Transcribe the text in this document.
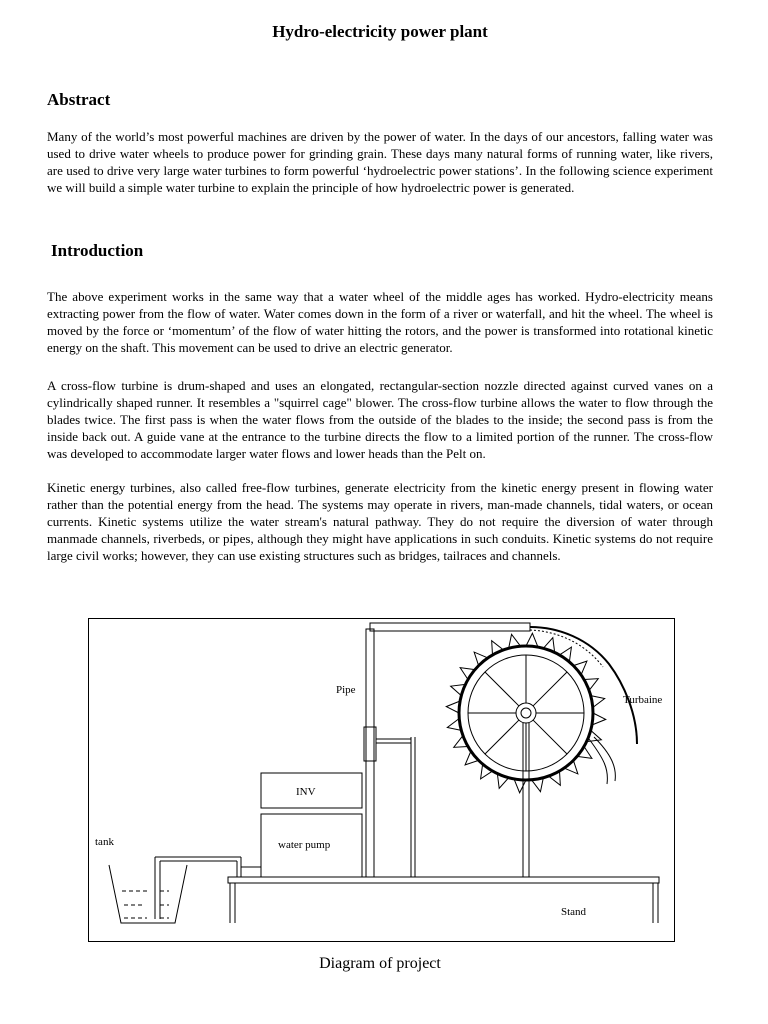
Hydro-electricity power plant
Abstract

Many of the world’s most powerful machines are driven by the power of water. In the days of our ancestors, falling water was used to drive water wheels to produce power for grinding grain. These days many natural forms of running water, like rivers, are used to drive very large water turbines to form powerful ‘hydroelectric power stations’. In the following science experiment we will build a simple water turbine to explain the principle of how hydroelectric power is generated.

Introduction

The above experiment works in the same way that a water wheel of the middle ages has worked. Hydro-electricity means extracting power from the flow of water. Water comes down in the form of a river or waterfall, and hit the wheel. The wheel is moved by the force or ‘momentum’ of the flow of water hitting the rotors, and the power is transformed into rotational kinetic energy on the shaft. This movement can be used to drive an electric generator.

A cross-flow turbine is drum-shaped and uses an elongated, rectangular-section nozzle directed against curved vanes on a cylindrically shaped runner. It resembles a "squirrel cage" blower. The cross-flow turbine allows the water to flow through the blades twice. The first pass is when the water flows from the outside of the blades to the inside; the second pass is from the inside back out. A guide vane at the entrance to the turbine directs the flow to a limited portion of the runner. The cross-flow was developed to accommodate larger water flows and lower heads than the Pelt on.

Kinetic energy turbines, also called free-flow turbines, generate electricity from the kinetic energy present in flowing water rather than the potential energy from the head. The systems may operate in rivers, man-made channels, tidal waters, or ocean currents. Kinetic systems utilize the water stream's natural pathway. They do not require the diversion of water through manmade channels, riverbeds, or pipes, although they might have applications in such conduits. Kinetic systems do not require large civil works; however, they can use existing structures such as bridges, tailraces and channels.

Pipe
Turbaine
INV
water pump
tank
Stand
Diagram of project
